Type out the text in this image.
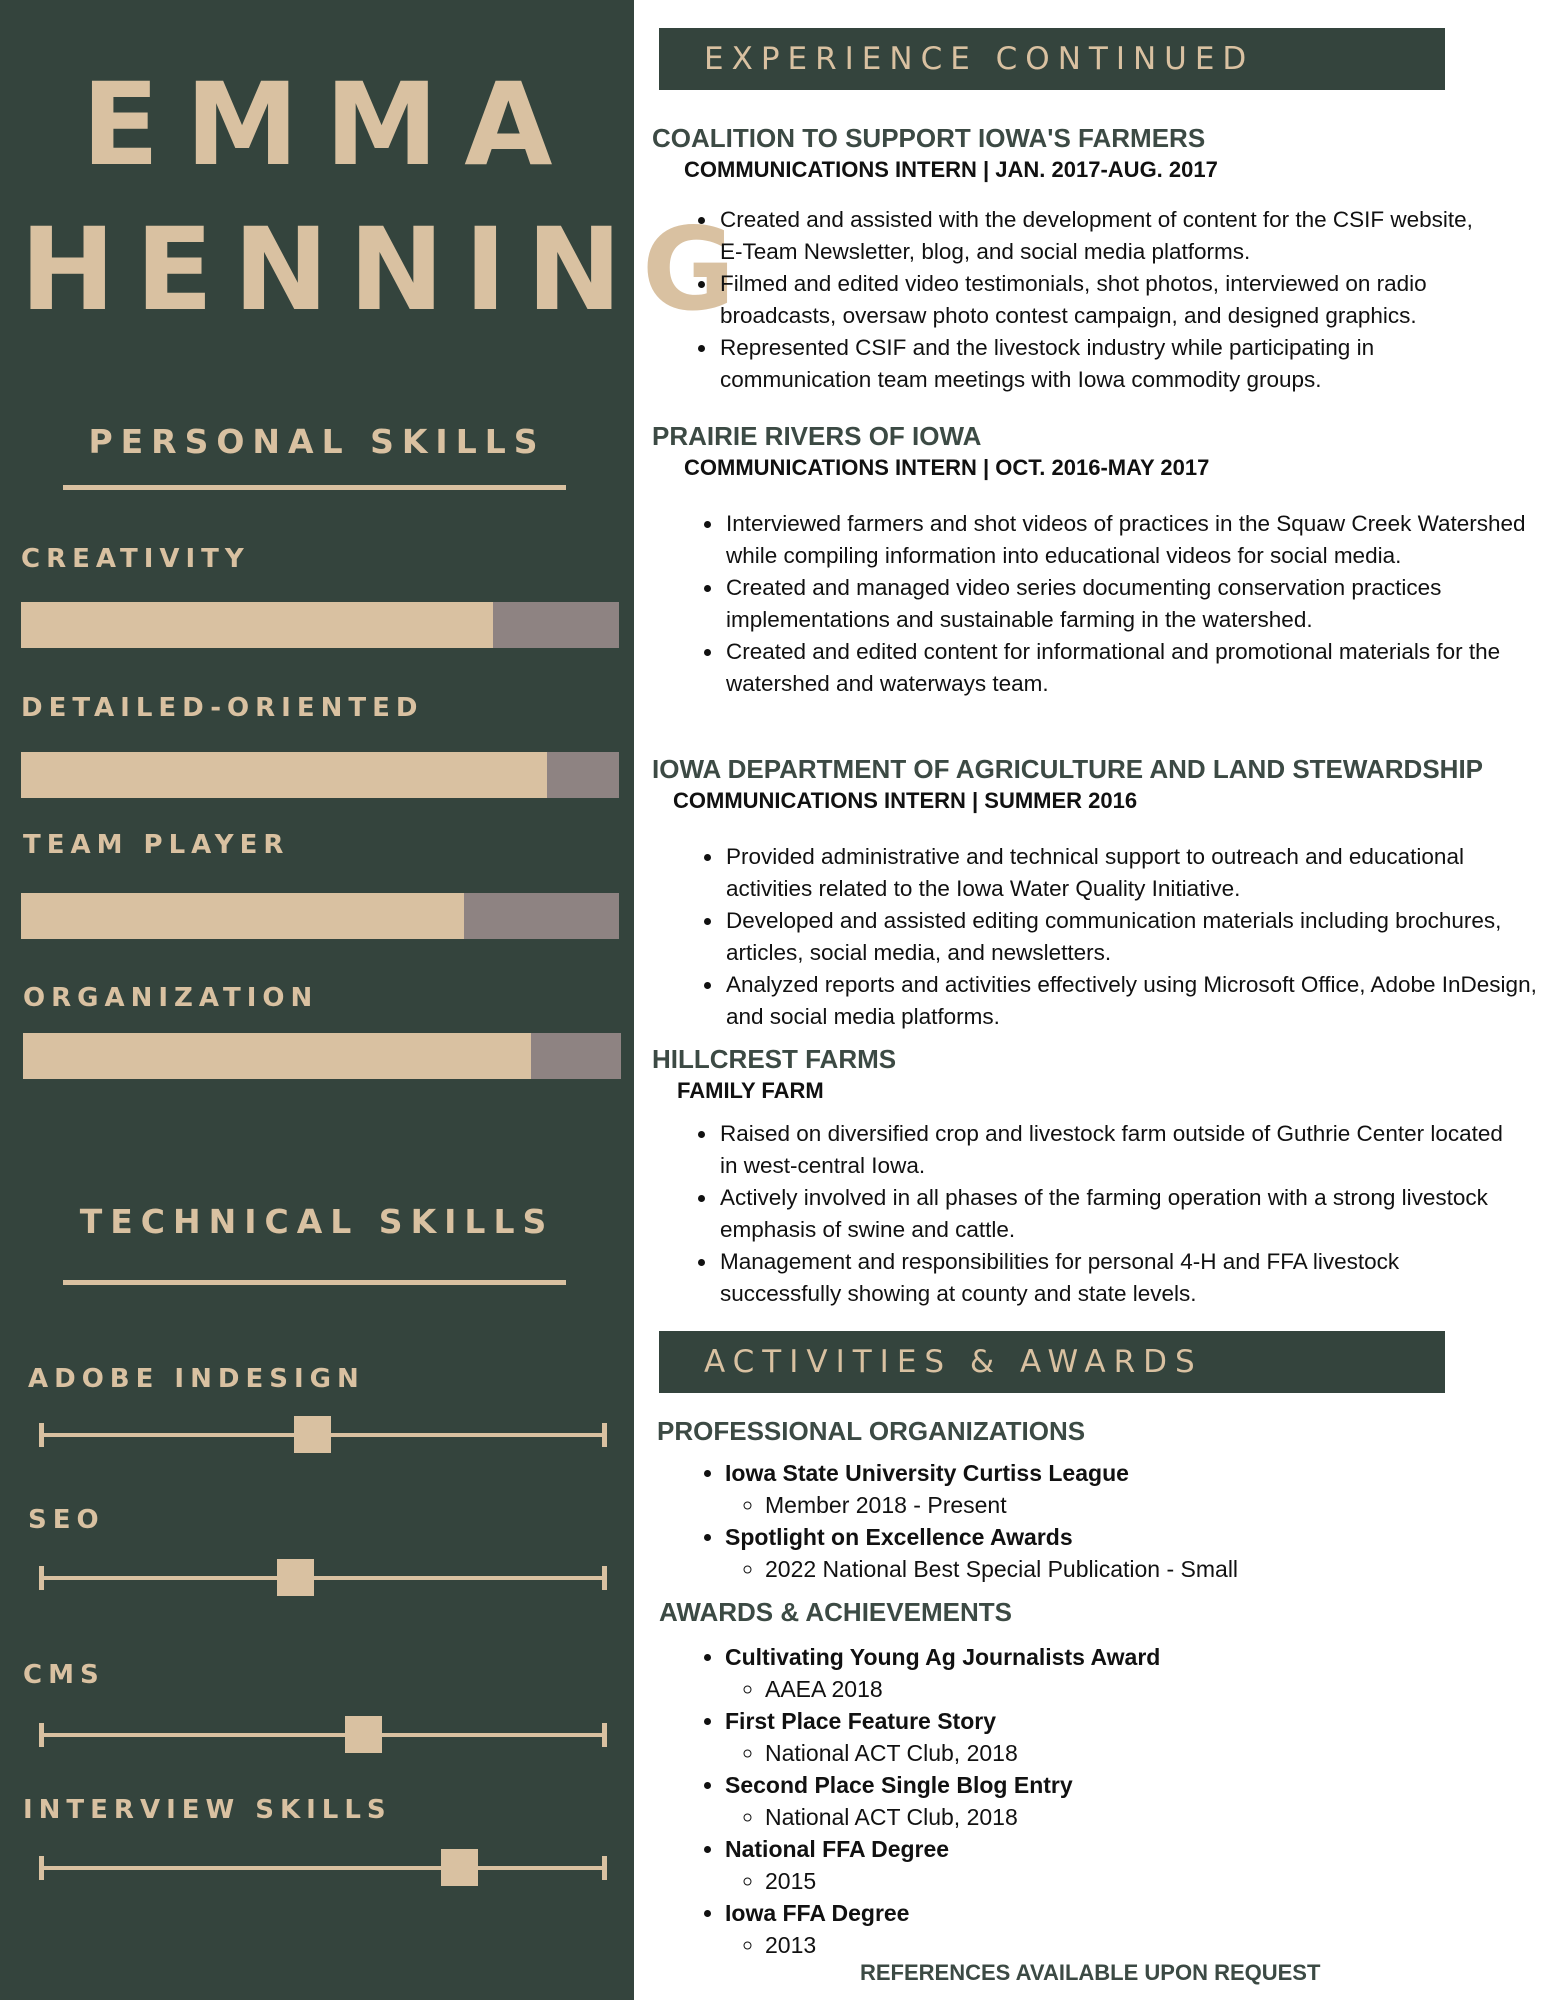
EMMA
HENNING
PERSONAL SKILLS
CREATIVITY
DETAILED-ORIENTED
TEAM PLAYER
ORGANIZATION
TECHNICAL SKILLS
ADOBE INDESIGN
SEO
CMS
INTERVIEW SKILLS
EXPERIENCE CONTINUED
COALITION TO SUPPORT IOWA'S FARMERS
COMMUNICATIONS INTERN | JAN. 2017-AUG. 2017
• Created and assisted with the development of content for the CSIF website, E-Team Newsletter, blog, and social media platforms.
• Filmed and edited video testimonials, shot photos, interviewed on radio broadcasts, oversaw photo contest campaign, and designed graphics.
• Represented CSIF and the livestock industry while participating in communication team meetings with Iowa commodity groups.
PRAIRIE RIVERS OF IOWA
COMMUNICATIONS INTERN | OCT. 2016-MAY 2017
• Interviewed farmers and shot videos of practices in the Squaw Creek Watershed while compiling information into educational videos for social media.
• Created and managed video series documenting conservation practices implementations and sustainable farming in the watershed.
• Created and edited content for informational and promotional materials for the watershed and waterways team.
IOWA DEPARTMENT OF AGRICULTURE AND LAND STEWARDSHIP
COMMUNICATIONS INTERN | SUMMER 2016
• Provided administrative and technical support to outreach and educational activities related to the Iowa Water Quality Initiative.
• Developed and assisted editing communication materials including brochures, articles, social media, and newsletters.
• Analyzed reports and activities effectively using Microsoft Office, Adobe InDesign, and social media platforms.
HILLCREST FARMS
FAMILY FARM
• Raised on diversified crop and livestock farm outside of Guthrie Center located in west-central Iowa.
• Actively involved in all phases of the farming operation with a strong livestock emphasis of swine and cattle.
• Management and responsibilities for personal 4-H and FFA livestock successfully showing at county and state levels.
ACTIVITIES & AWARDS
PROFESSIONAL ORGANIZATIONS
• Iowa State University Curtiss League
◦ Member 2018 - Present
• Spotlight on Excellence Awards
◦ 2022 National Best Special Publication - Small
AWARDS & ACHIEVEMENTS
• Cultivating Young Ag Journalists Award
◦ AAEA 2018
• First Place Feature Story
◦ National ACT Club, 2018
• Second Place Single Blog Entry
◦ National ACT Club, 2018
• National FFA Degree
◦ 2015
• Iowa FFA Degree
◦ 2013
REFERENCES AVAILABLE UPON REQUEST
